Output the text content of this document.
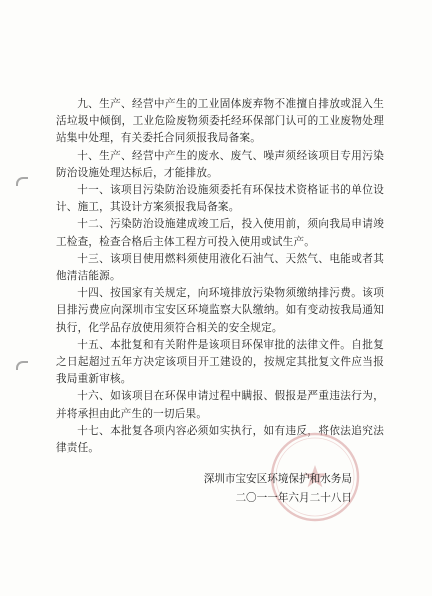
九、生产、经营中产生的工业固体废弃物不准擅自排放或混入生活垃圾中倾倒，工业危险废物须委托经环保部门认可的工业废物处理站集中处理，有关委托合同须报我局备案。

十、生产、经营中产生的废水、废气、噪声须经该项目专用污染防治设施处理达标后，才能排放。

十一、该项目污染防治设施须委托有环保技术资格证书的单位设计、施工，其设计方案须报我局备案。

十二、污染防治设施建成竣工后，投入使用前，须向我局申请竣工检查，检查合格后主体工程方可投入使用或试生产。

十三、该项目使用燃料须使用液化石油气、天然气、电能或者其他清洁能源。

十四、按国家有关规定，向环境排放污染物须缴纳排污费。该项目排污费应向深圳市宝安区环境监察大队缴纳。如有变动按我局通知执行，化学品存放使用须符合相关的安全规定。

十五、本批复和有关附件是该项目环保审批的法律文件。自批复之日起超过五年方决定该项目开工建设的，按规定其批复文件应当报我局重新审核。

十六、如该项目在环保申请过程中瞒报、假报是严重违法行为，并将承担由此产生的一切后果。

十七、本批复各项内容必须如实执行，如有违反，将依法追究法律责任。

深圳市宝安区环境保护和水务局
二〇一一年六月二十八日
